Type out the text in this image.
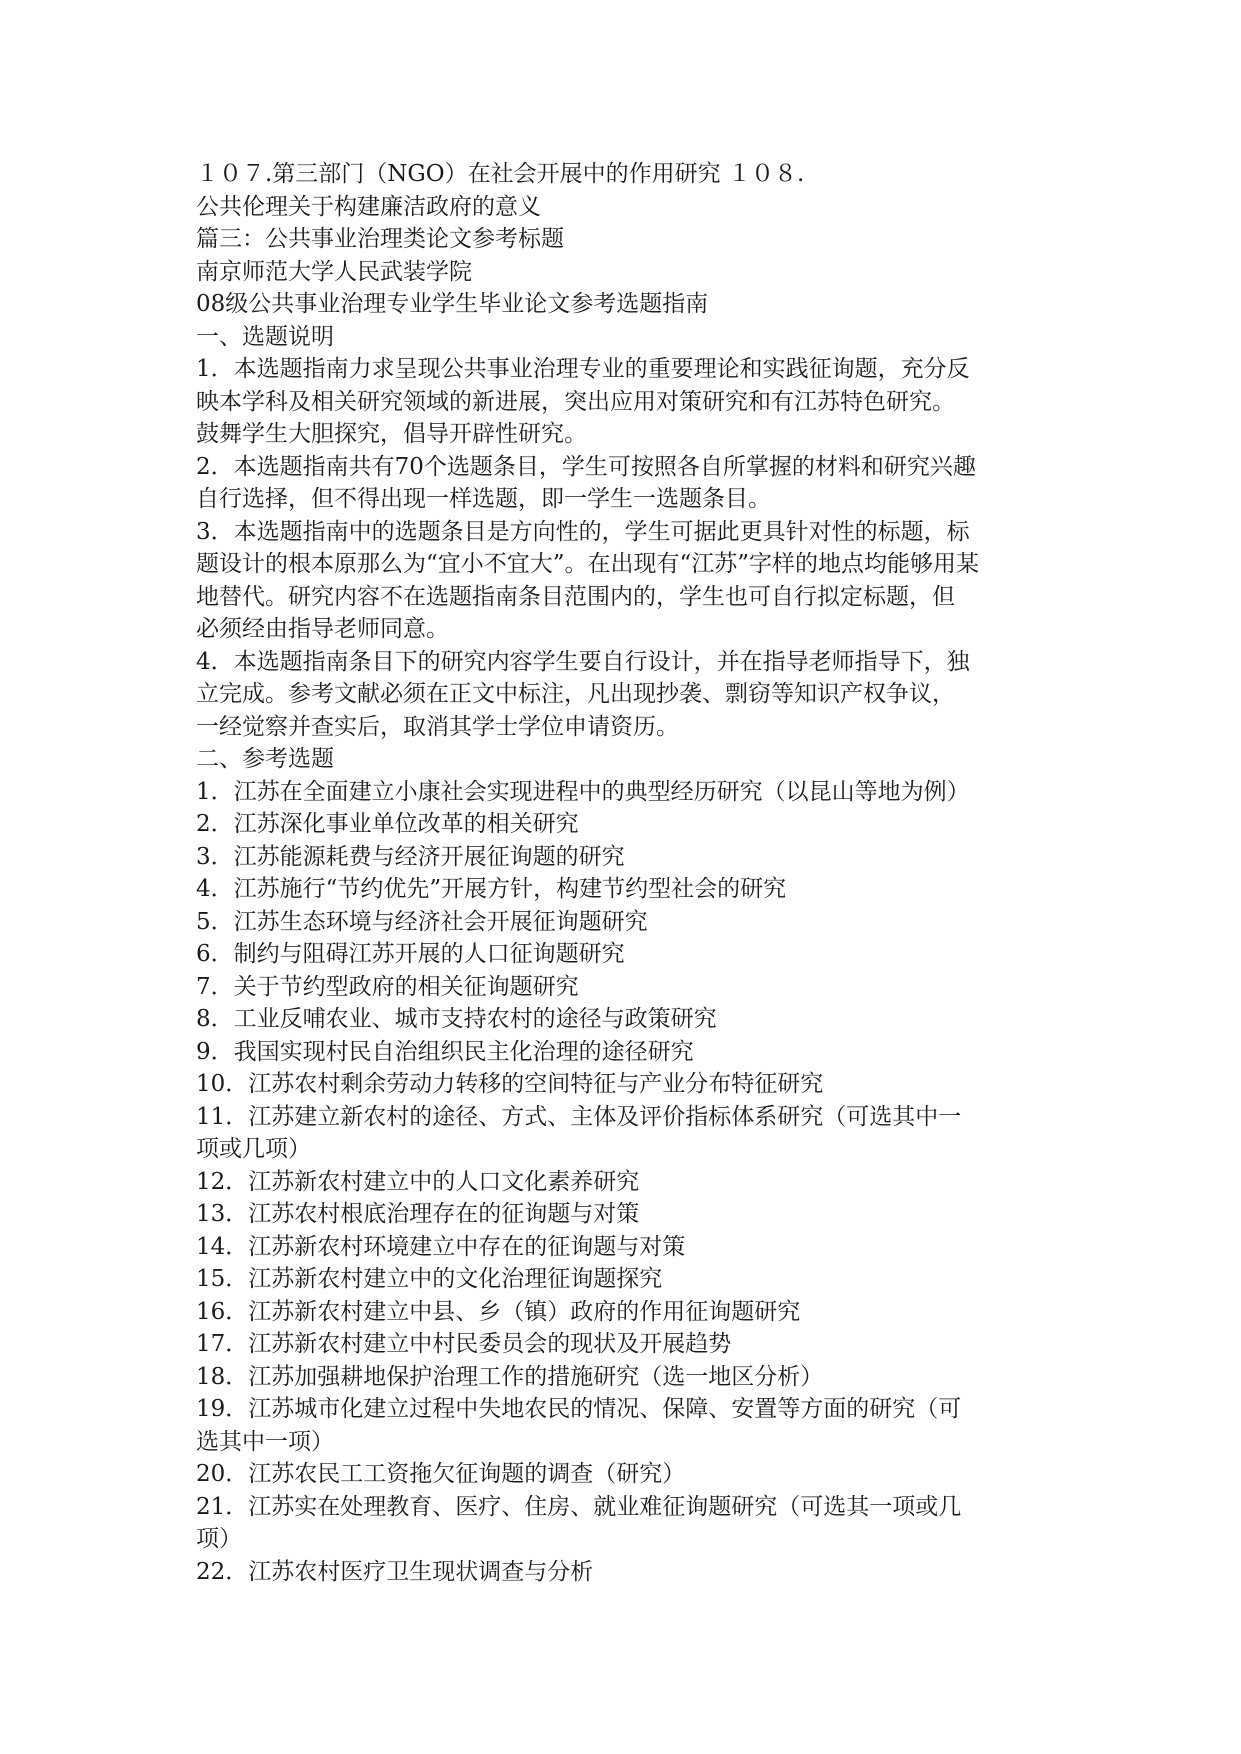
１０７.第三部门（NGO）在社会开展中的作用研究 １０８.
公共伦理关于构建廉洁政府的意义
篇三：公共事业治理类论文参考标题
南京师范大学人民武装学院
08级公共事业治理专业学生毕业论文参考选题指南
一、选题说明
1．本选题指南力求呈现公共事业治理专业的重要理论和实践征询题，充分反
映本学科及相关研究领域的新进展，突出应用对策研究和有江苏特色研究。
鼓舞学生大胆探究，倡导开辟性研究。
2．本选题指南共有70个选题条目，学生可按照各自所掌握的材料和研究兴趣
自行选择，但不得出现一样选题，即一学生一选题条目。
3．本选题指南中的选题条目是方向性的，学生可据此更具针对性的标题，标
题设计的根本原那么为“宜小不宜大”。在出现有“江苏”字样的地点均能够用某
地替代。研究内容不在选题指南条目范围内的，学生也可自行拟定标题，但
必须经由指导老师同意。
4．本选题指南条目下的研究内容学生要自行设计，并在指导老师指导下，独
立完成。参考文献必须在正文中标注，凡出现抄袭、剽窃等知识产权争议，
一经觉察并查实后，取消其学士学位申请资历。
二、参考选题
1．江苏在全面建立小康社会实现进程中的典型经历研究（以昆山等地为例）
2．江苏深化事业单位改革的相关研究
3．江苏能源耗费与经济开展征询题的研究
4．江苏施行“节约优先”开展方针，构建节约型社会的研究
5．江苏生态环境与经济社会开展征询题研究
6．制约与阻碍江苏开展的人口征询题研究
7．关于节约型政府的相关征询题研究
8．工业反哺农业、城市支持农村的途径与政策研究
9．我国实现村民自治组织民主化治理的途径研究
10．江苏农村剩余劳动力转移的空间特征与产业分布特征研究
11．江苏建立新农村的途径、方式、主体及评价指标体系研究（可选其中一
项或几项）
12．江苏新农村建立中的人口文化素养研究
13．江苏农村根底治理存在的征询题与对策
14．江苏新农村环境建立中存在的征询题与对策
15．江苏新农村建立中的文化治理征询题探究
16．江苏新农村建立中县、乡（镇）政府的作用征询题研究
17．江苏新农村建立中村民委员会的现状及开展趋势
18．江苏加强耕地保护治理工作的措施研究（选一地区分析）
19．江苏城市化建立过程中失地农民的情况、保障、安置等方面的研究（可
选其中一项）
20．江苏农民工工资拖欠征询题的调查（研究）
21．江苏实在处理教育、医疗、住房、就业难征询题研究（可选其一项或几
项）
22．江苏农村医疗卫生现状调查与分析
